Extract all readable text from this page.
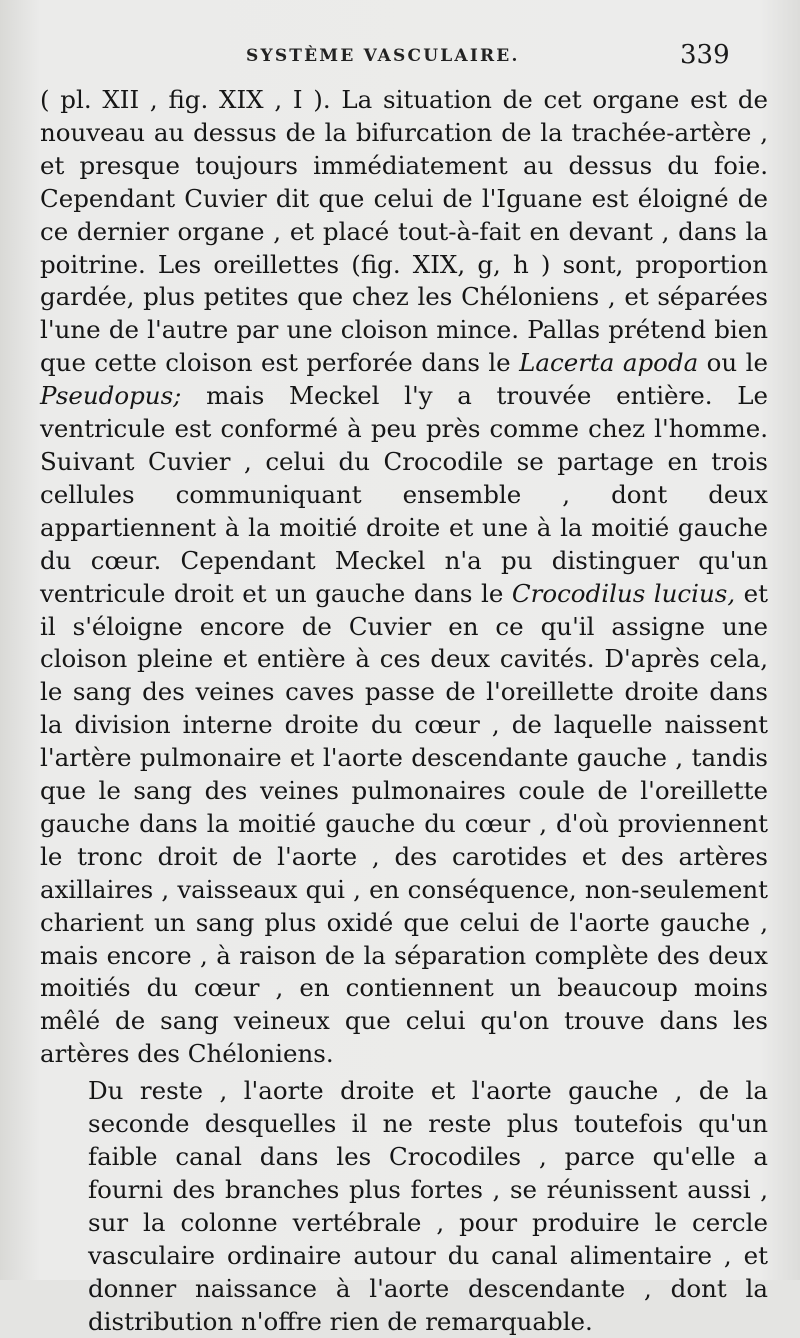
SYSTÈME VASCULAIRE.	339

( pl. XII , fig. XIX , I ). La situation de cet organe est de nouveau au dessus de la bifurcation de la trachée-artère , et presque toujours immédiatement au dessus du foie. Cependant Cuvier dit que celui de l'Iguane est éloigné de ce dernier organe , et placé tout-à-fait en devant , dans la poitrine. Les oreillettes (fig. XIX, g, h ) sont, proportion gardée, plus petites que chez les Chéloniens , et séparées l'une de l'autre par une cloison mince. Pallas prétend bien que cette cloison est perforée dans le Lacerta apoda ou le Pseudopus; mais Meckel l'y a trouvée entière. Le ventricule est conformé à peu près comme chez l'homme. Suivant Cuvier , celui du Crocodile se partage en trois cellules communiquant ensemble , dont deux appartiennent à la moitié droite et une à la moitié gauche du cœur. Cependant Meckel n'a pu distinguer qu'un ventricule droit et un gauche dans le Crocodilus lucius, et il s'éloigne encore de Cuvier en ce qu'il assigne une cloison pleine et entière à ces deux cavités. D'après cela, le sang des veines caves passe de l'oreillette droite dans la division interne droite du cœur , de laquelle naissent l'artère pulmonaire et l'aorte descendante gauche , tandis que le sang des veines pulmonaires coule de l'oreillette gauche dans la moitié gauche du cœur , d'où proviennent le tronc droit de l'aorte , des carotides et des artères axillaires , vaisseaux qui , en conséquence, non-seulement charient un sang plus oxidé que celui de l'aorte gauche , mais encore , à raison de la séparation complète des deux moitiés du cœur , en contiennent un beaucoup moins mêlé de sang veineux que celui qu'on trouve dans les artères des Chéloniens.

Du reste , l'aorte droite et l'aorte gauche , de la seconde desquelles il ne reste plus toutefois qu'un faible canal dans les Crocodiles , parce qu'elle a fourni des branches plus fortes , se réunissent aussi , sur la colonne vertébrale , pour produire le cercle vasculaire ordinaire autour du canal alimentaire , et donner naissance à l'aorte descendante , dont la distribution n'offre rien de remarquable.
